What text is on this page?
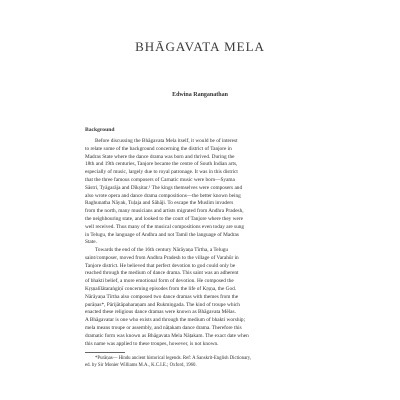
BHĀGAVATA MELA
Edwina Ranganathan
Background
Before discussing the Bhāgavata Mela itself, it would be of interest
to relate some of the background concerning the district of Tanjore in
Madras State where the dance drama was born and thrived. During the
18th and 19th centuries, Tanjore became the centre of South Indian arts,
especially of music, largely due to royal patronage. It was in this district
that the three famous composers of Carnatic music were born—Śyama
Śāstri, Tyāgarāja and Dīkṣitar.¹ The kings themselves were composers and
also wrote opera and dance drama compositions—the better known being
Raghunatha Nāyak, Tuḷaja and Śāhāji. To escape the Muslim invaders
from the north, many musicians and artists migrated from Andhra Pradesh,
the neighbouring state, and looked to the court of Tanjore where they were
well received. Thus many of the musical compositions even today are sung
in Telugu, the language of Andhra and not Tamil the language of Madras
State.
Towards the end of the 16th century Nārāyaṇa Tīrtha, a Telugu
saint/composer, moved from Andhra Pradesh to the village of Varahūr in
Tanjore district. He believed that perfect devotion to god could only be
reached through the medium of dance drama. This saint was an adherent
of bhakti belief, a more emotional form of devotion. He composed the
Kṛṣṇalīlātaraṅgiṇī concerning episodes from the life of Kṛṣṇa, the God.
Nārāyaṇa Tīrtha also composed two dance dramas with themes from the
purāṇas*, Pārijātāpaharaṇam and Rukmiṇgada. The kind of troupe which
enacted these religious dance dramas were known as Bhāgavata Mēlas.
A Bhāgavatar is one who exists and through the medium of bhakti worship;
mela means troupe or assembly, and nāṭakam dance drama. Therefore this
dramatic form was known as Bhāgavata Mela Nāṭakam. The exact date when
this name was applied to these troupes, however, is not known.
*Purāṇas— Hindu ancient historical legends. Ref: A Sanskrit-English Dictionary,
ed. by Sir Monier Williams M.A., K.C.I.E.; Oxford, 1960.
